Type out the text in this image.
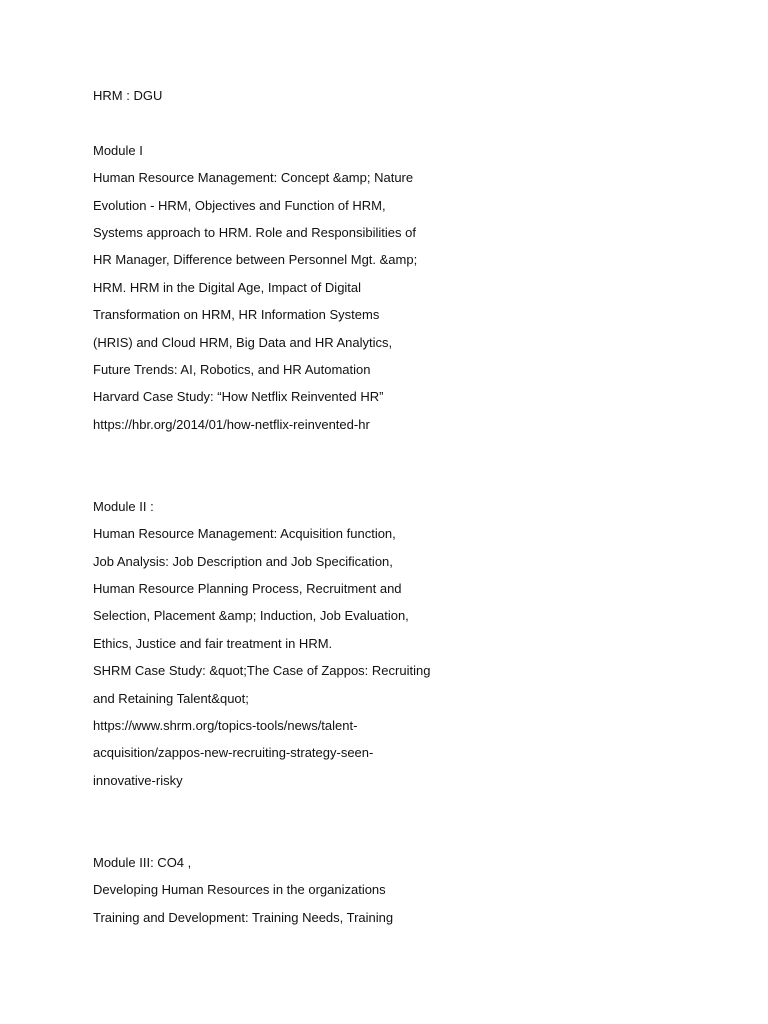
HRM : DGU

Module I

Human Resource Management: Concept &amp; Nature

Evolution - HRM, Objectives and Function of HRM,

Systems approach to HRM. Role and Responsibilities of

HR Manager, Difference between Personnel Mgt. &amp;

HRM. HRM in the Digital Age, Impact of Digital

Transformation on HRM, HR Information Systems

(HRIS) and Cloud HRM, Big Data and HR Analytics,

Future Trends: AI, Robotics, and HR Automation

Harvard Case Study: “How Netflix Reinvented HR”

https://hbr.org/2014/01/how-netflix-reinvented-hr

Module II :

Human Resource Management: Acquisition function,

Job Analysis: Job Description and Job Specification,

Human Resource Planning Process, Recruitment and

Selection, Placement &amp; Induction, Job Evaluation,

Ethics, Justice and fair treatment in HRM.

SHRM Case Study: &quot;The Case of Zappos: Recruiting

and Retaining Talent&quot;

https://www.shrm.org/topics-tools/news/talent-

acquisition/zappos-new-recruiting-strategy-seen-

innovative-risky

Module III: CO4 ,

Developing Human Resources in the organizations

Training and Development: Training Needs, Training
